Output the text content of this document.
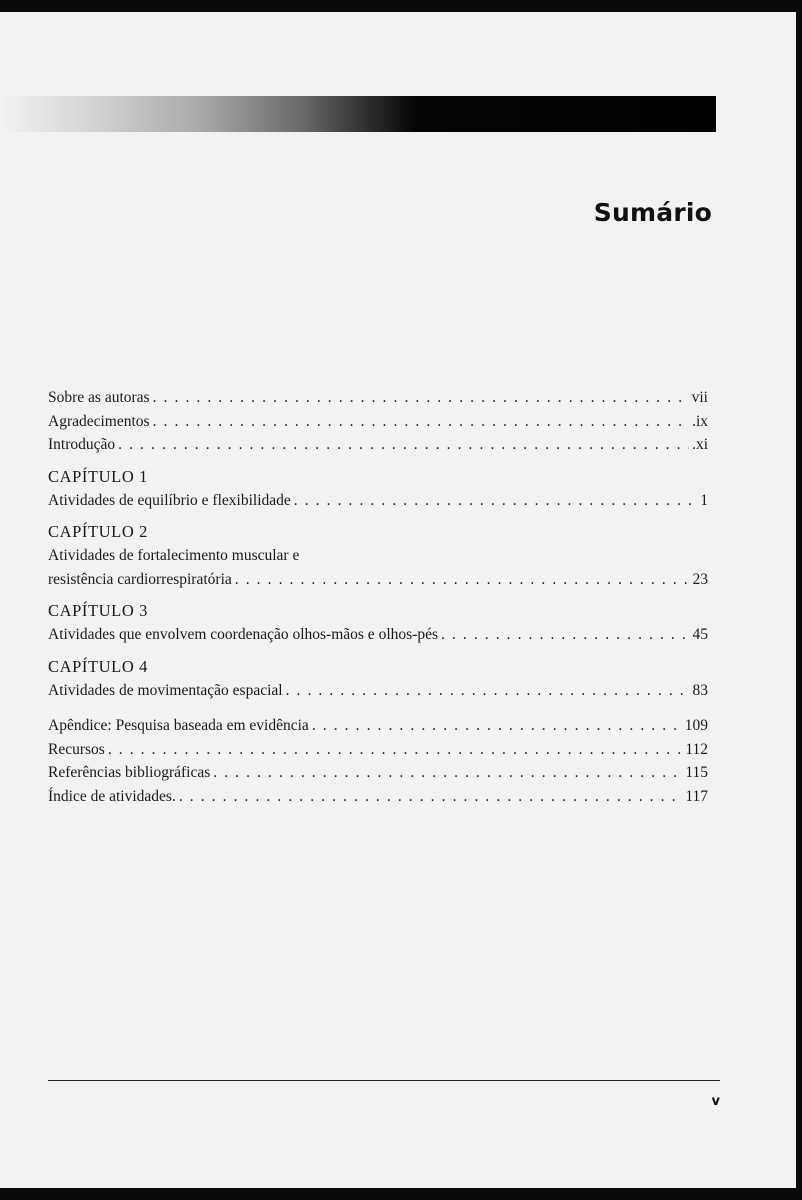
Sumário
Sobre as autoras . . .	vii
Agradecimentos . . .	.ix
Introdução . . .	.xi
CAPÍTULO 1
Atividades de equilíbrio e flexibilidade . . .	1
CAPÍTULO 2
Atividades de fortalecimento muscular e
resistência cardiorrespiratória . . .	23
CAPÍTULO 3
Atividades que envolvem coordenação olhos-mãos e olhos-pés . . .	45
CAPÍTULO 4
Atividades de movimentação espacial . . .	83
Apêndice: Pesquisa baseada em evidência . . .	109
Recursos . . .	112
Referências bibliográficas . . .	115
Índice de atividades. . . .	117
v
